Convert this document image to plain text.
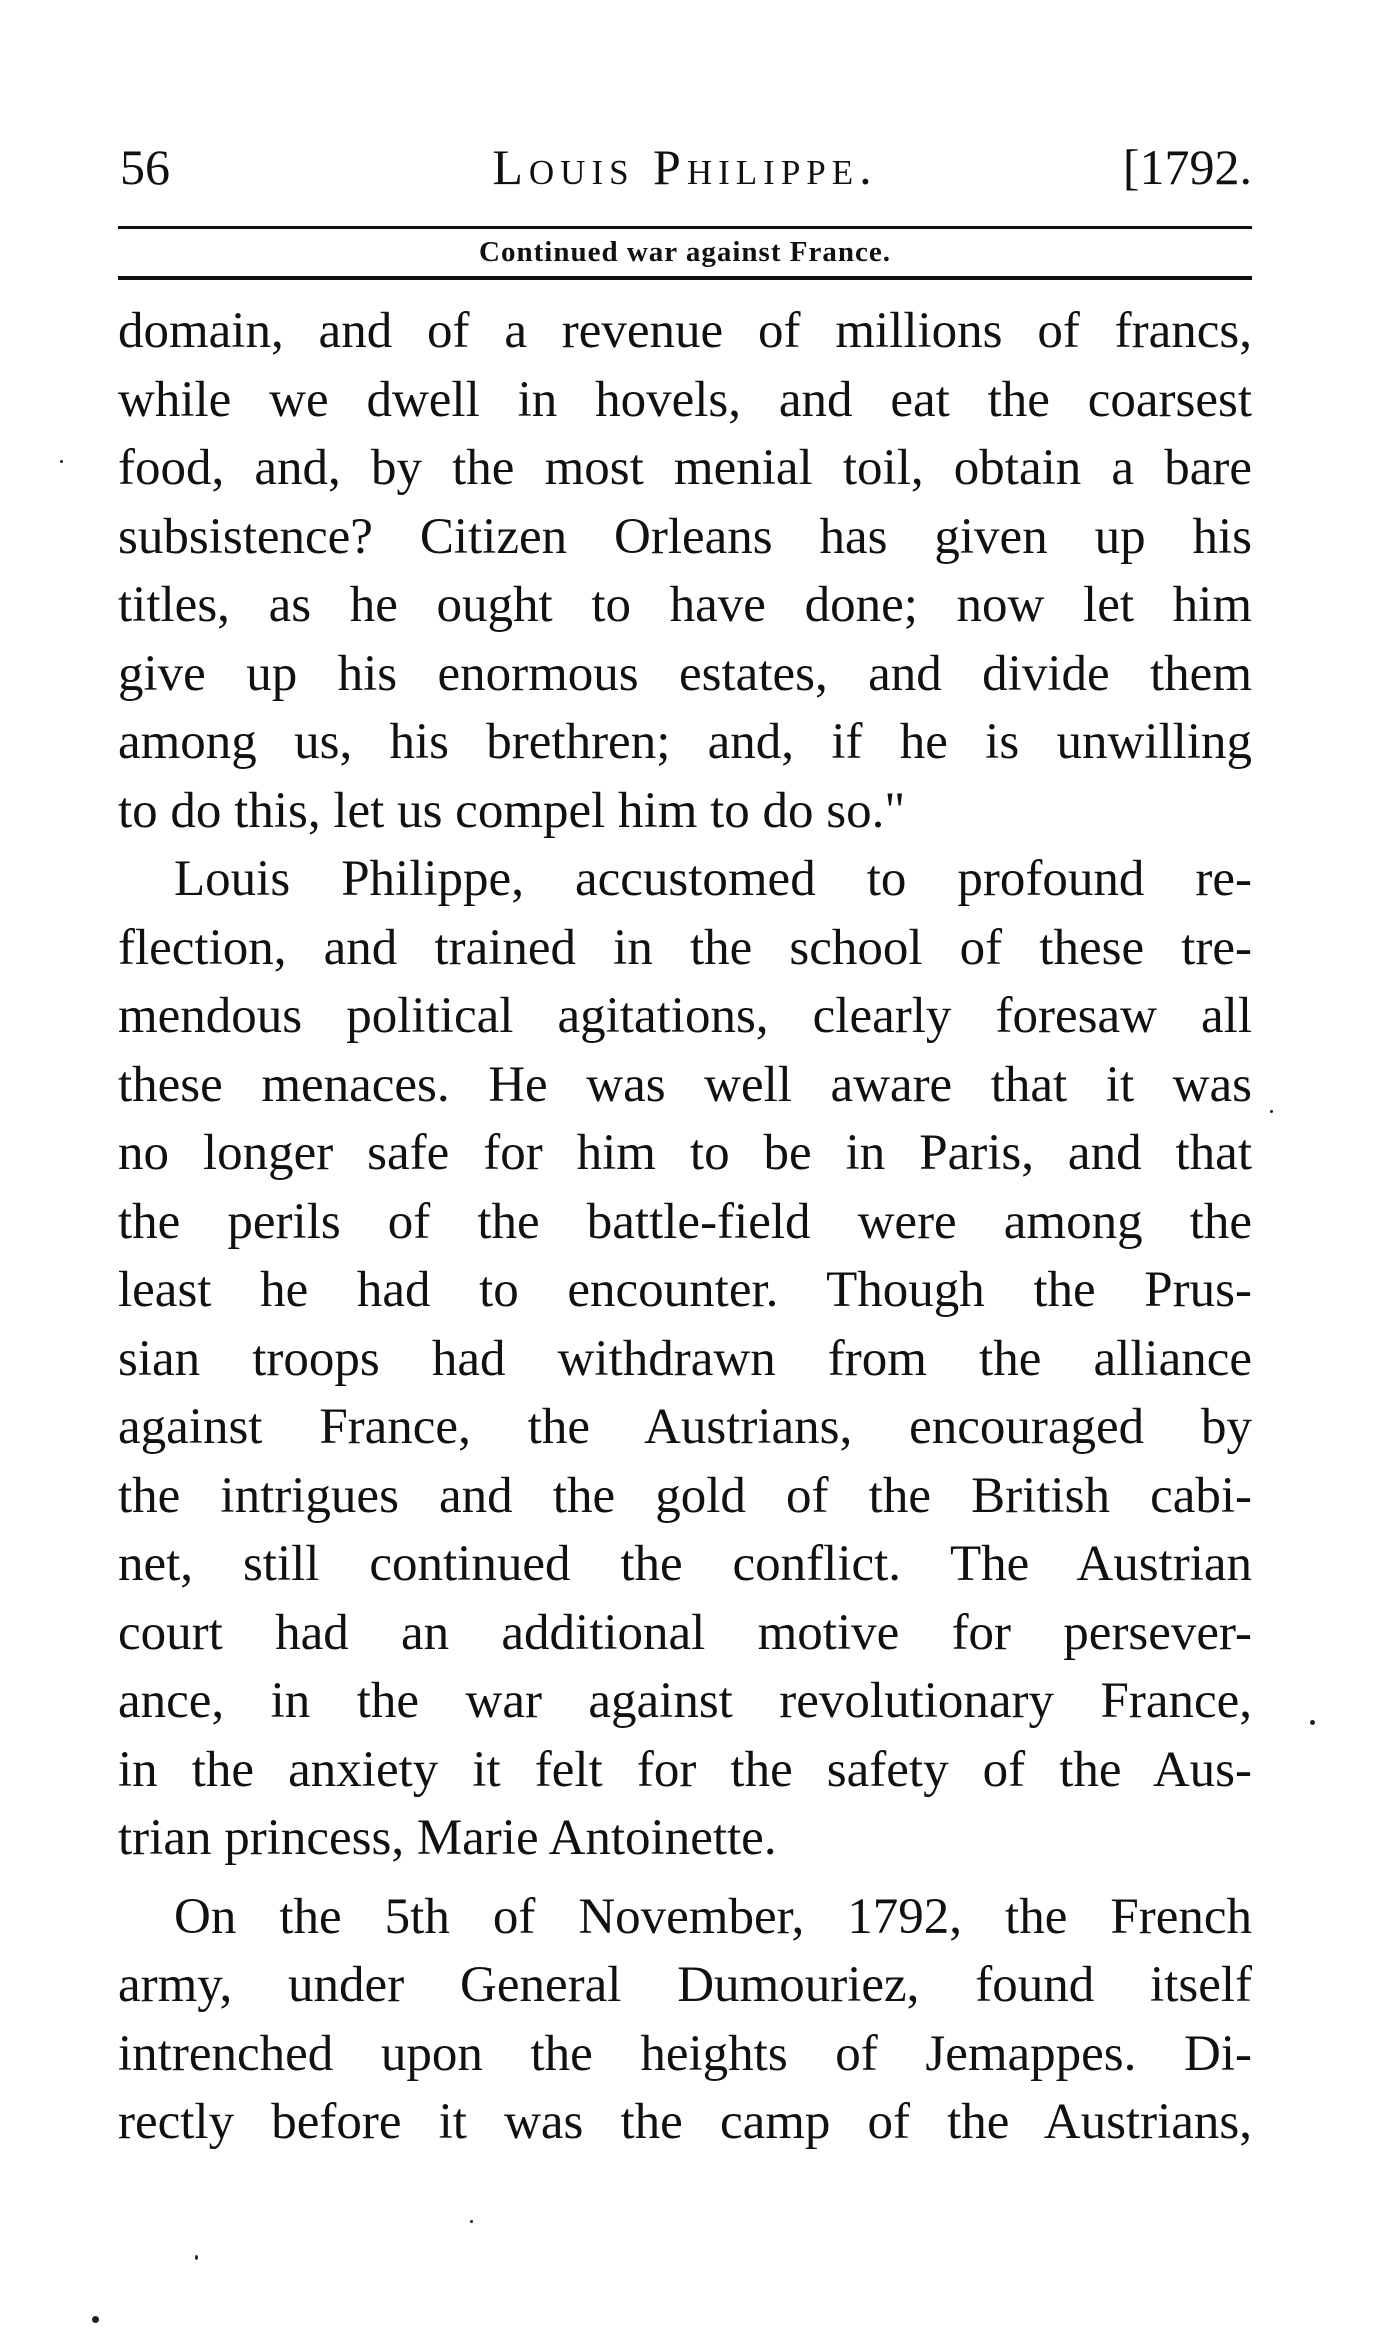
56	Louis Philippe.	[1792.
Continued war against France.
domain, and of a revenue of millions of francs,
while we dwell in hovels, and eat the coarsest
food, and, by the most menial toil, obtain a bare
subsistence? Citizen Orleans has given up his
titles, as he ought to have done; now let him
give up his enormous estates, and divide them
among us, his brethren; and, if he is unwilling
to do this, let us compel him to do so."
Louis Philippe, accustomed to profound re-
flection, and trained in the school of these tre-
mendous political agitations, clearly foresaw all
these menaces. He was well aware that it was
no longer safe for him to be in Paris, and that
the perils of the battle-field were among the
least he had to encounter. Though the Prus-
sian troops had withdrawn from the alliance
against France, the Austrians, encouraged by
the intrigues and the gold of the British cabi-
net, still continued the conflict. The Austrian
court had an additional motive for persever-
ance, in the war against revolutionary France,
in the anxiety it felt for the safety of the Aus-
trian princess, Marie Antoinette.
On the 5th of November, 1792, the French
army, under General Dumouriez, found itself
intrenched upon the heights of Jemappes. Di-
rectly before it was the camp of the Austrians,
